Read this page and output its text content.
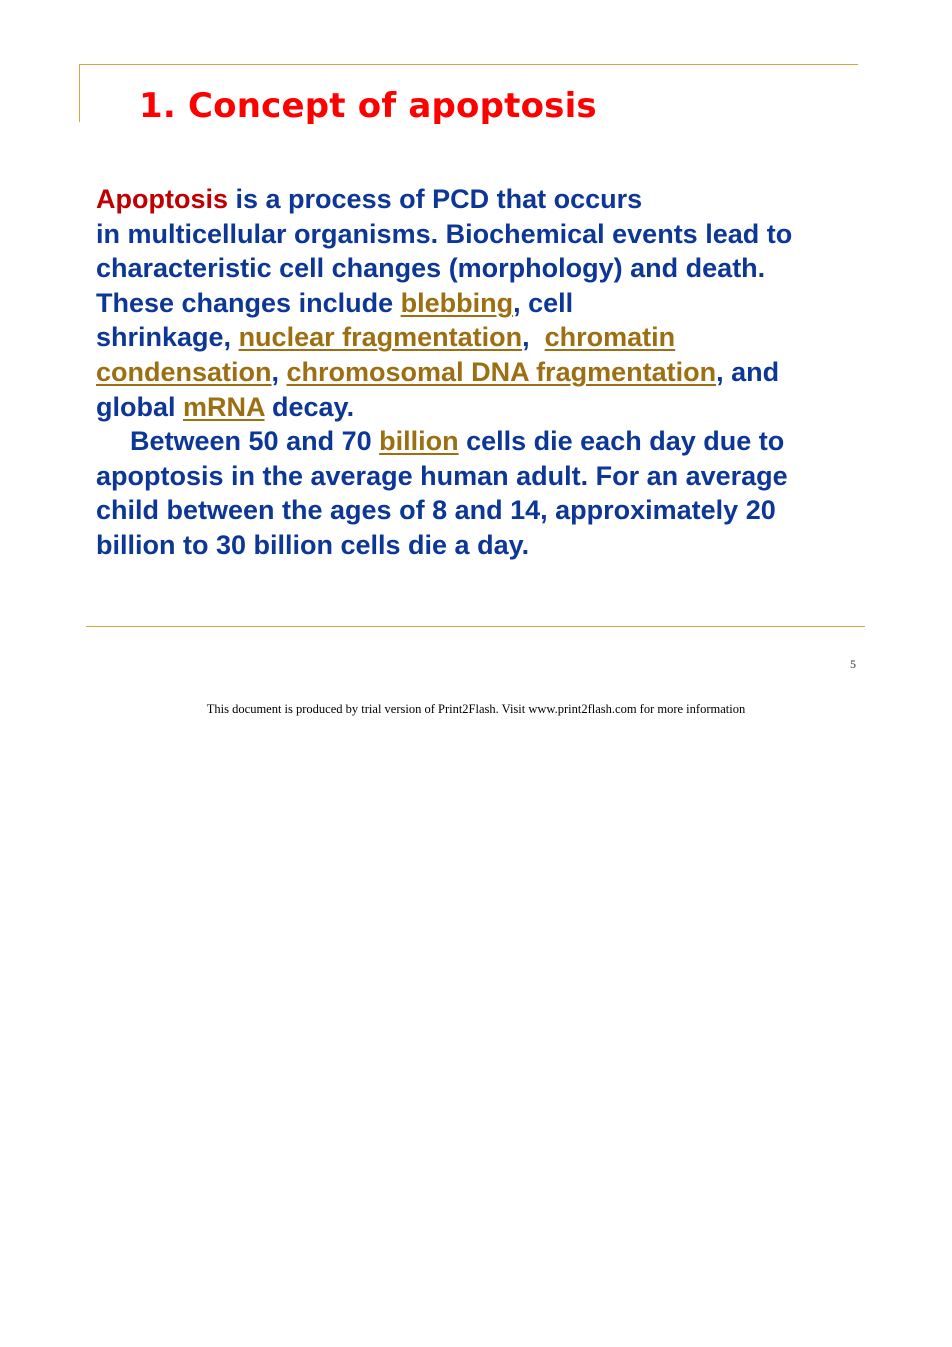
1. Concept of apoptosis
Apoptosis is a process of PCD that occurs
in multicellular organisms. Biochemical events lead to
characteristic cell changes (morphology) and death.
These changes include blebbing, cell
shrinkage, nuclear fragmentation,  chromatin
condensation, chromosomal DNA fragmentation, and
global mRNA decay.
Between 50 and 70 billion cells die each day due to
apoptosis in the average human adult. For an average
child between the ages of 8 and 14, approximately 20
billion to 30 billion cells die a day.
5
This document is produced by trial version of Print2Flash. Visit www.print2flash.com for more information
